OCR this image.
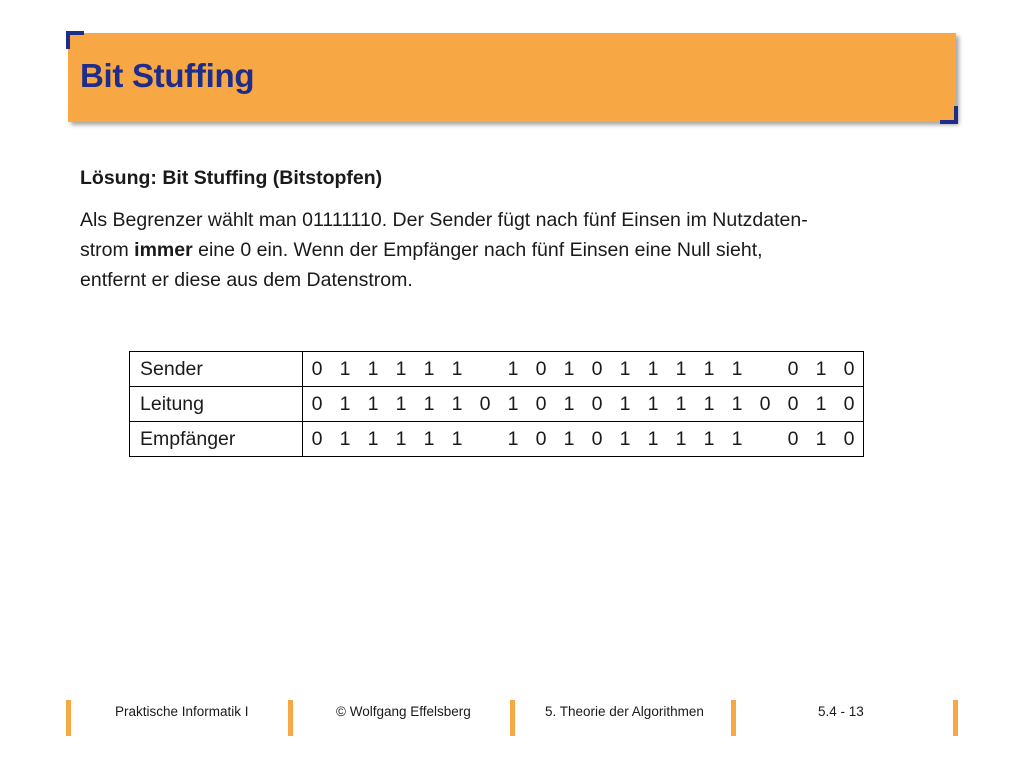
Bit Stuffing

Lösung: Bit Stuffing (Bitstopfen)

Als Begrenzer wählt man 01111110. Der Sender fügt nach fünf Einsen im Nutzdaten-
strom immer eine 0 ein. Wenn der Empfänger nach fünf Einsen eine Null sieht,
entfernt er diese aus dem Datenstrom.

Sender	0	1	1	1	1	1		1	0	1	0	1	1	1	1	1		0	1	0
Leitung	0	1	1	1	1	1	0	1	0	1	0	1	1	1	1	1	0	0	1	0
Empfänger	0	1	1	1	1	1		1	0	1	0	1	1	1	1	1		0	1	0
Praktische Informatik I	© Wolfgang Effelsberg	5. Theorie der Algorithmen	5.4 - 13
